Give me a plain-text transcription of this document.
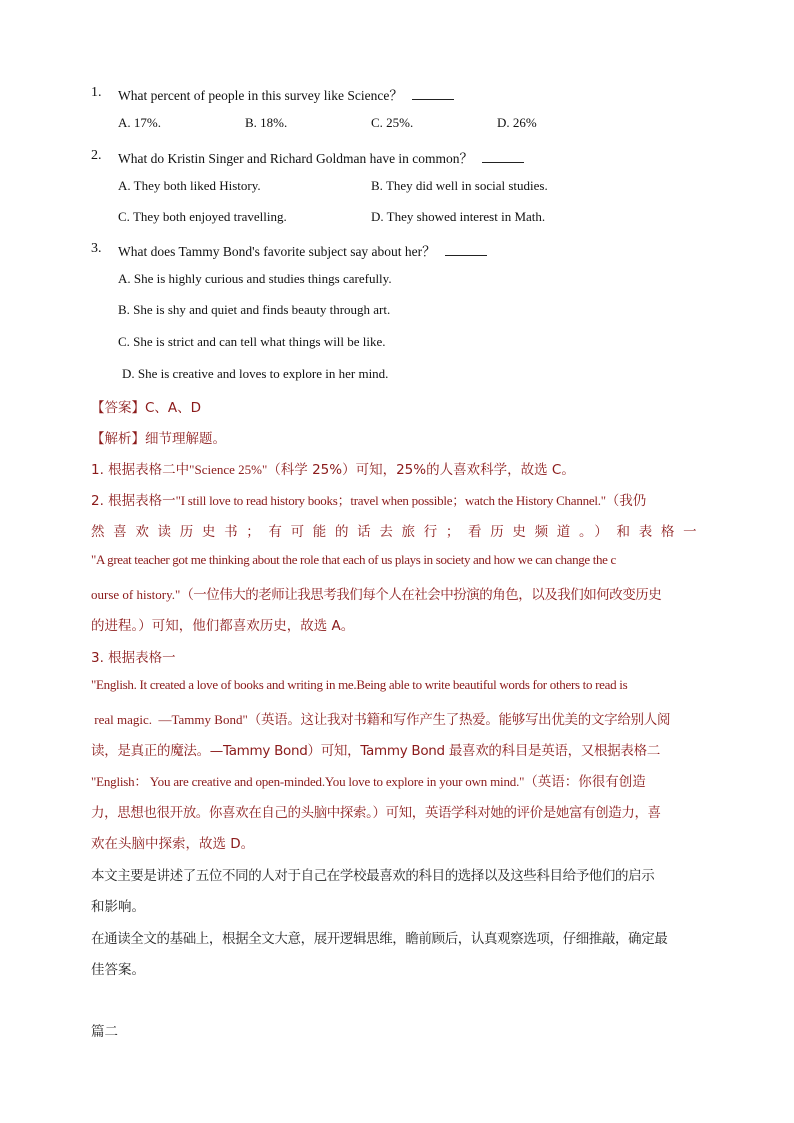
1. What percent of people in this survey like Science？
A. 17%.	B. 18%.	C. 25%.	D. 26%
2. What do Kristin Singer and Richard Goldman have in common？
A. They both liked History.	B. They did well in social studies.
C. They both enjoyed travelling.	D. They showed interest in Math.
3. What does Tammy Bond's favorite subject say about her？
A. She is highly curious and studies things carefully.
B. She is shy and quiet and finds beauty through art.
C. She is strict and can tell what things will be like.
D. She is creative and loves to explore in her mind.
【答案】C、A、D
【解析】细节理解题。
1. 根据表格二中"Science 25%"（科学 25%）可知，25%的人喜欢科学，故选 C。
2. 根据表格一"I still love to read history books；travel when possible；watch the History Channel."（我仍
然喜欢读历史书；有可能的话去旅行；看历史频道。）和表格一
"A great teacher got me thinking about the role that each of us plays in society and how we can change the c
ourse of history."（一位伟大的老师让我思考我们每个人在社会中扮演的角色，以及我们如何改变历史
的进程。）可知，他们都喜欢历史，故选 A。
3. 根据表格一
"English. It created a love of books and writing in me.Being able to write beautiful words for others to read is
real magic.  —Tammy Bond"（英语。这让我对书籍和写作产生了热爱。能够写出优美的文字给别人阅
读，是真正的魔法。—Tammy Bond）可知，Tammy Bond 最喜欢的科目是英语，又根据表格二
"English： You are creative and open-minded.You love to explore in your own mind."（英语：你很有创造
力，思想也很开放。你喜欢在自己的头脑中探索。）可知，英语学科对她的评价是她富有创造力，喜
欢在头脑中探索，故选 D。
本文主要是讲述了五位不同的人对于自己在学校最喜欢的科目的选择以及这些科目给予他们的启示
和影响。
在通读全文的基础上，根据全文大意，展开逻辑思维，瞻前顾后，认真观察选项，仔细推敲，确定最
佳答案。
篇二
